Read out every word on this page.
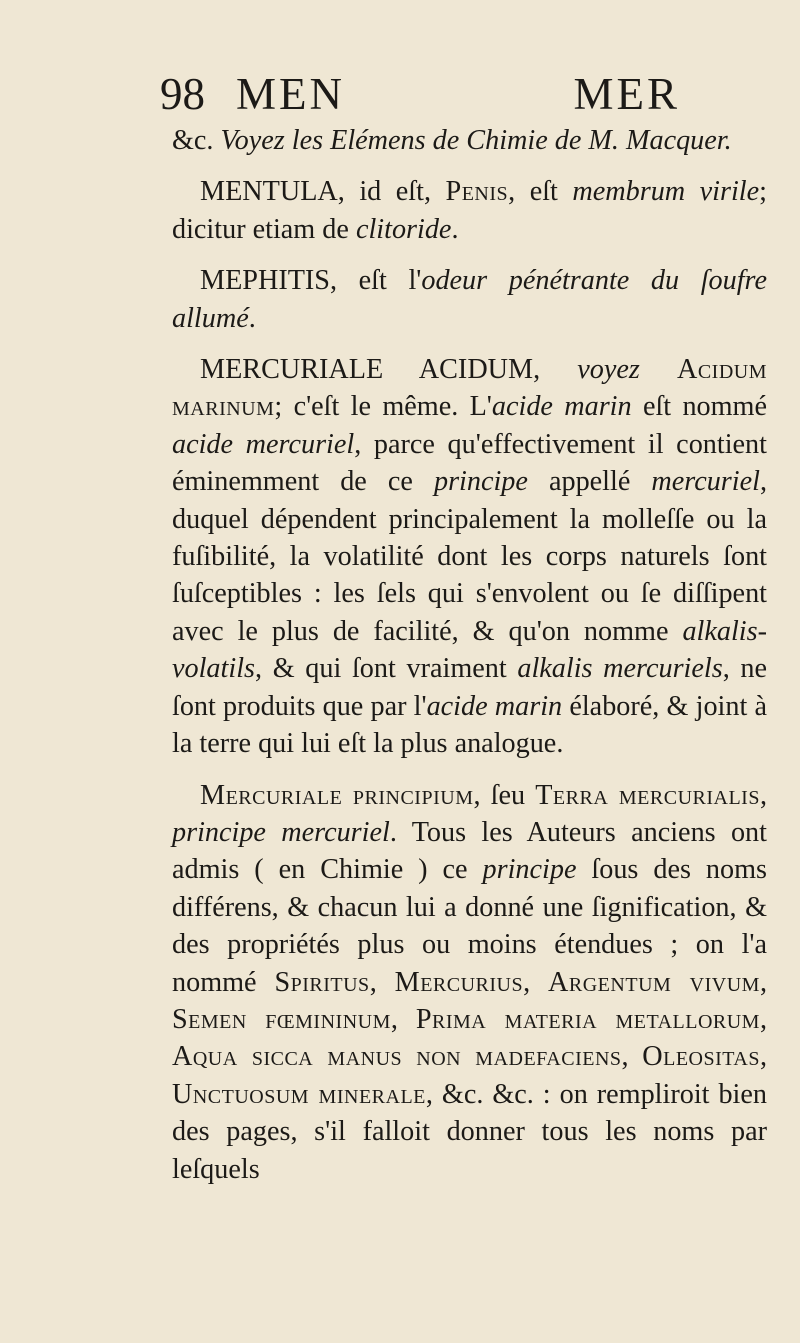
98 MEN	MER

&c. Voyez les Elémens de Chimie de M. Macquer.

MENTULA, id eſt, Penis, eſt membrum virile; dicitur etiam de clitoride.

MEPHITIS, eſt l'odeur pénétrante du ſoufre allumé.

MERCURIALE ACIDUM, voyez Acidum marinum; c'eſt le même. L'acide marin eſt nommé acide mercuriel, parce qu'effectivement il contient éminemment de ce principe appellé mercuriel, duquel dépendent principalement la molleſſe ou la fuſibilité, la volatilité dont les corps naturels ſont ſuſceptibles : les ſels qui s'envolent ou ſe diſſipent avec le plus de facilité, & qu'on nomme alkalis-volatils, & qui ſont vraiment alkalis mercuriels, ne ſont produits que par l'acide marin élaboré, & joint à la terre qui lui eſt la plus analogue.

Mercuriale principium, ſeu Terra mercurialis, principe mercuriel. Tous les Auteurs anciens ont admis ( en Chimie ) ce principe ſous des noms différens, & chacun lui a donné une ſignification, & des propriétés plus ou moins étendues ; on l'a nommé Spiritus, Mercurius, Argentum vivum, Semen fœmininum, Prima materia metallorum, Aqua sicca manus non madefaciens, Oleositas, Unctuosum minerale, &c. &c. : on rempliroit bien des pages, s'il falloit donner tous les noms par leſquels
